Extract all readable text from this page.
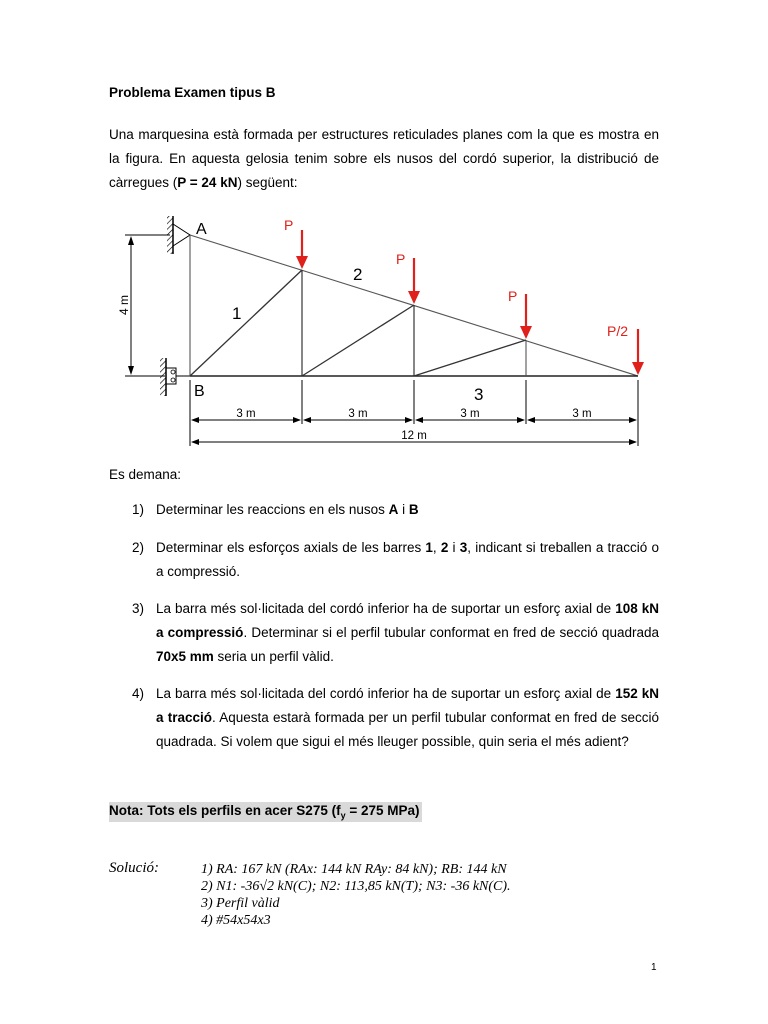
Problema Examen tipus B
Una marquesina està formada per estructures reticulades planes com la que es mostra en la figura. En aquesta gelosia tenim sobre els nusos del cordó superior, la distribució de càrregues (P = 24 kN) següent:
4 m
3 m	3 m	3 m	3 m
12 m
A
B
1
2
3
P
P
P
P/2
Es demana:
1) Determinar les reaccions en els nusos A i B
2) Determinar els esforços axials de les barres 1, 2 i 3, indicant si treballen a tracció o a compressió.
3) La barra més sol·licitada del cordó inferior ha de suportar un esforç axial de 108 kN a compressió. Determinar si el perfil tubular conformat en fred de secció quadrada 70x5 mm seria un perfil vàlid.
4) La barra més sol·licitada del cordó inferior ha de suportar un esforç axial de 152 kN a tracció. Aquesta estarà formada per un perfil tubular conformat en fred de secció quadrada. Si volem que sigui el més lleuger possible, quin seria el més adient?
Nota: Tots els perfils en acer S275 ($f_y = 275$ MPa)
Solució:	1) RA: 167 kN (RAx: 144 kN RAy: 84 kN); RB: 144 kN
2) N1: -36√2 kN(C); N2: 113,85 kN(T); N3: -36 kN(C).
3) Perfil vàlid
4) #54x54x3
1
